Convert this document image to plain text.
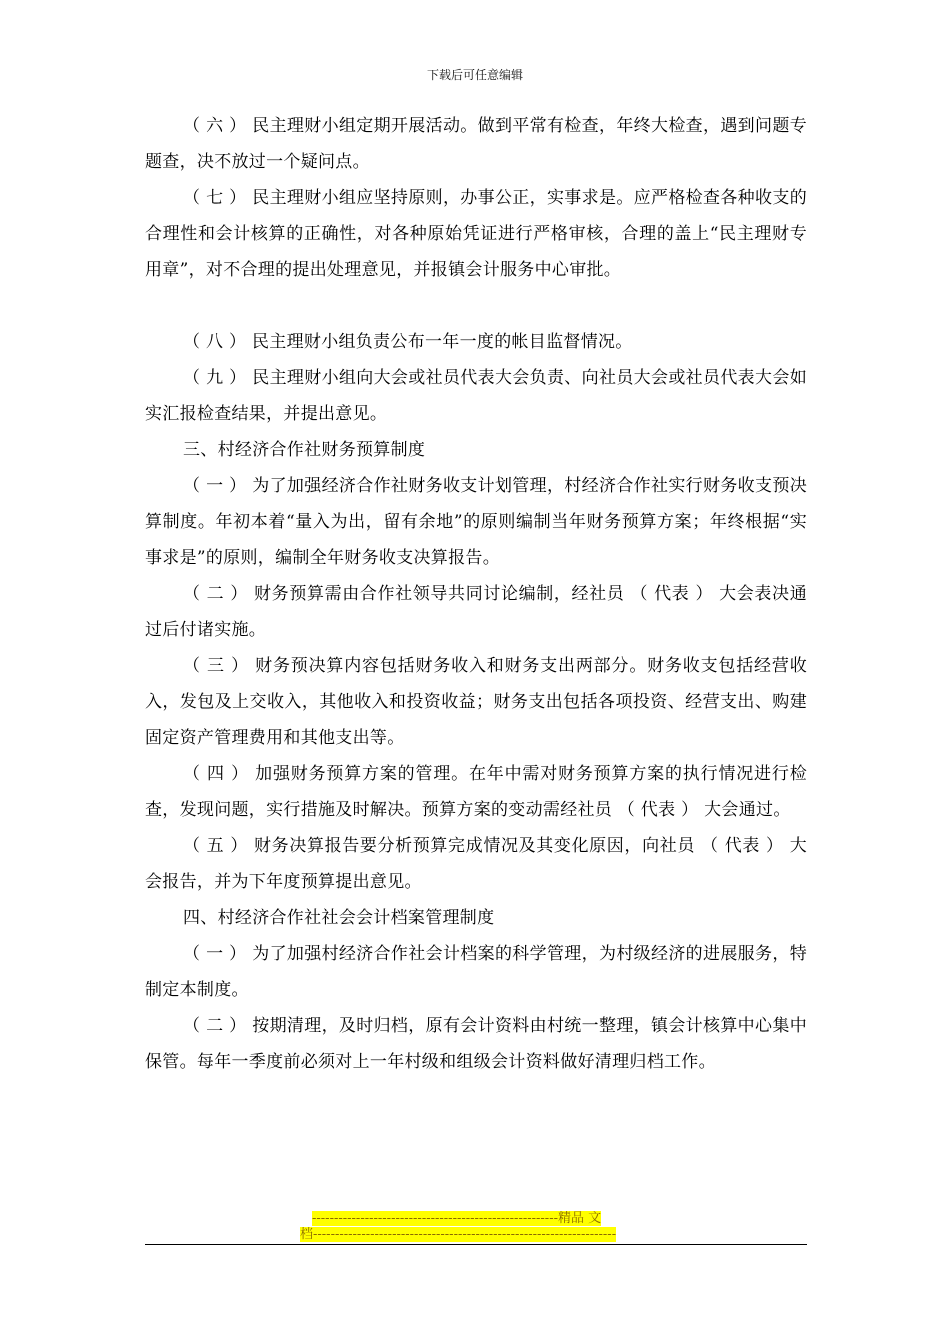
下载后可任意编辑

（ 六 ） 民主理财小组定期开展活动。做到平常有检查，年终大检查，遇到问题专题查，决不放过一个疑问点。

（ 七 ） 民主理财小组应坚持原则，办事公正，实事求是。应严格检查各种收支的合理性和会计核算的正确性，对各种原始凭证进行严格审核，合理的盖上“民主理财专用章”，对不合理的提出处理意见，并报镇会计服务中心审批。

（ 八 ） 民主理财小组负责公布一年一度的帐目监督情况。

（ 九 ） 民主理财小组向大会或社员代表大会负责、向社员大会或社员代表大会如实汇报检查结果，并提出意见。

三、村经济合作社财务预算制度

（ 一 ） 为了加强经济合作社财务收支计划管理，村经济合作社实行财务收支预决算制度。年初本着“量入为出，留有余地”的原则编制当年财务预算方案；年终根据“实事求是”的原则，编制全年财务收支决算报告。

（ 二 ） 财务预算需由合作社领导共同讨论编制，经社员 （ 代表 ） 大会表决通过后付诸实施。

（ 三 ） 财务预决算内容包括财务收入和财务支出两部分。财务收支包括经营收入，发包及上交收入，其他收入和投资收益；财务支出包括各项投资、经营支出、购建固定资产管理费用和其他支出等。

（ 四 ） 加强财务预算方案的管理。在年中需对财务预算方案的执行情况进行检查，发现问题，实行措施及时解决。预算方案的变动需经社员 （ 代表 ） 大会通过。

（ 五 ） 财务决算报告要分析预算完成情况及其变化原因，向社员 （ 代表 ） 大会报告，并为下年度预算提出意见。

四、村经济合作社社会会计档案管理制度

（ 一 ） 为了加强村经济合作社会计档案的科学管理，为村级经济的进展服务，特制定本制度。

（ 二 ） 按期清理，及时归档，原有会计资料由村统一整理，镇会计核算中心集中保管。每年一季度前必须对上一年村级和组级会计资料做好清理归档工作。

--------------------------------------------------------精品 文
档---------------------------------------------------------------------
